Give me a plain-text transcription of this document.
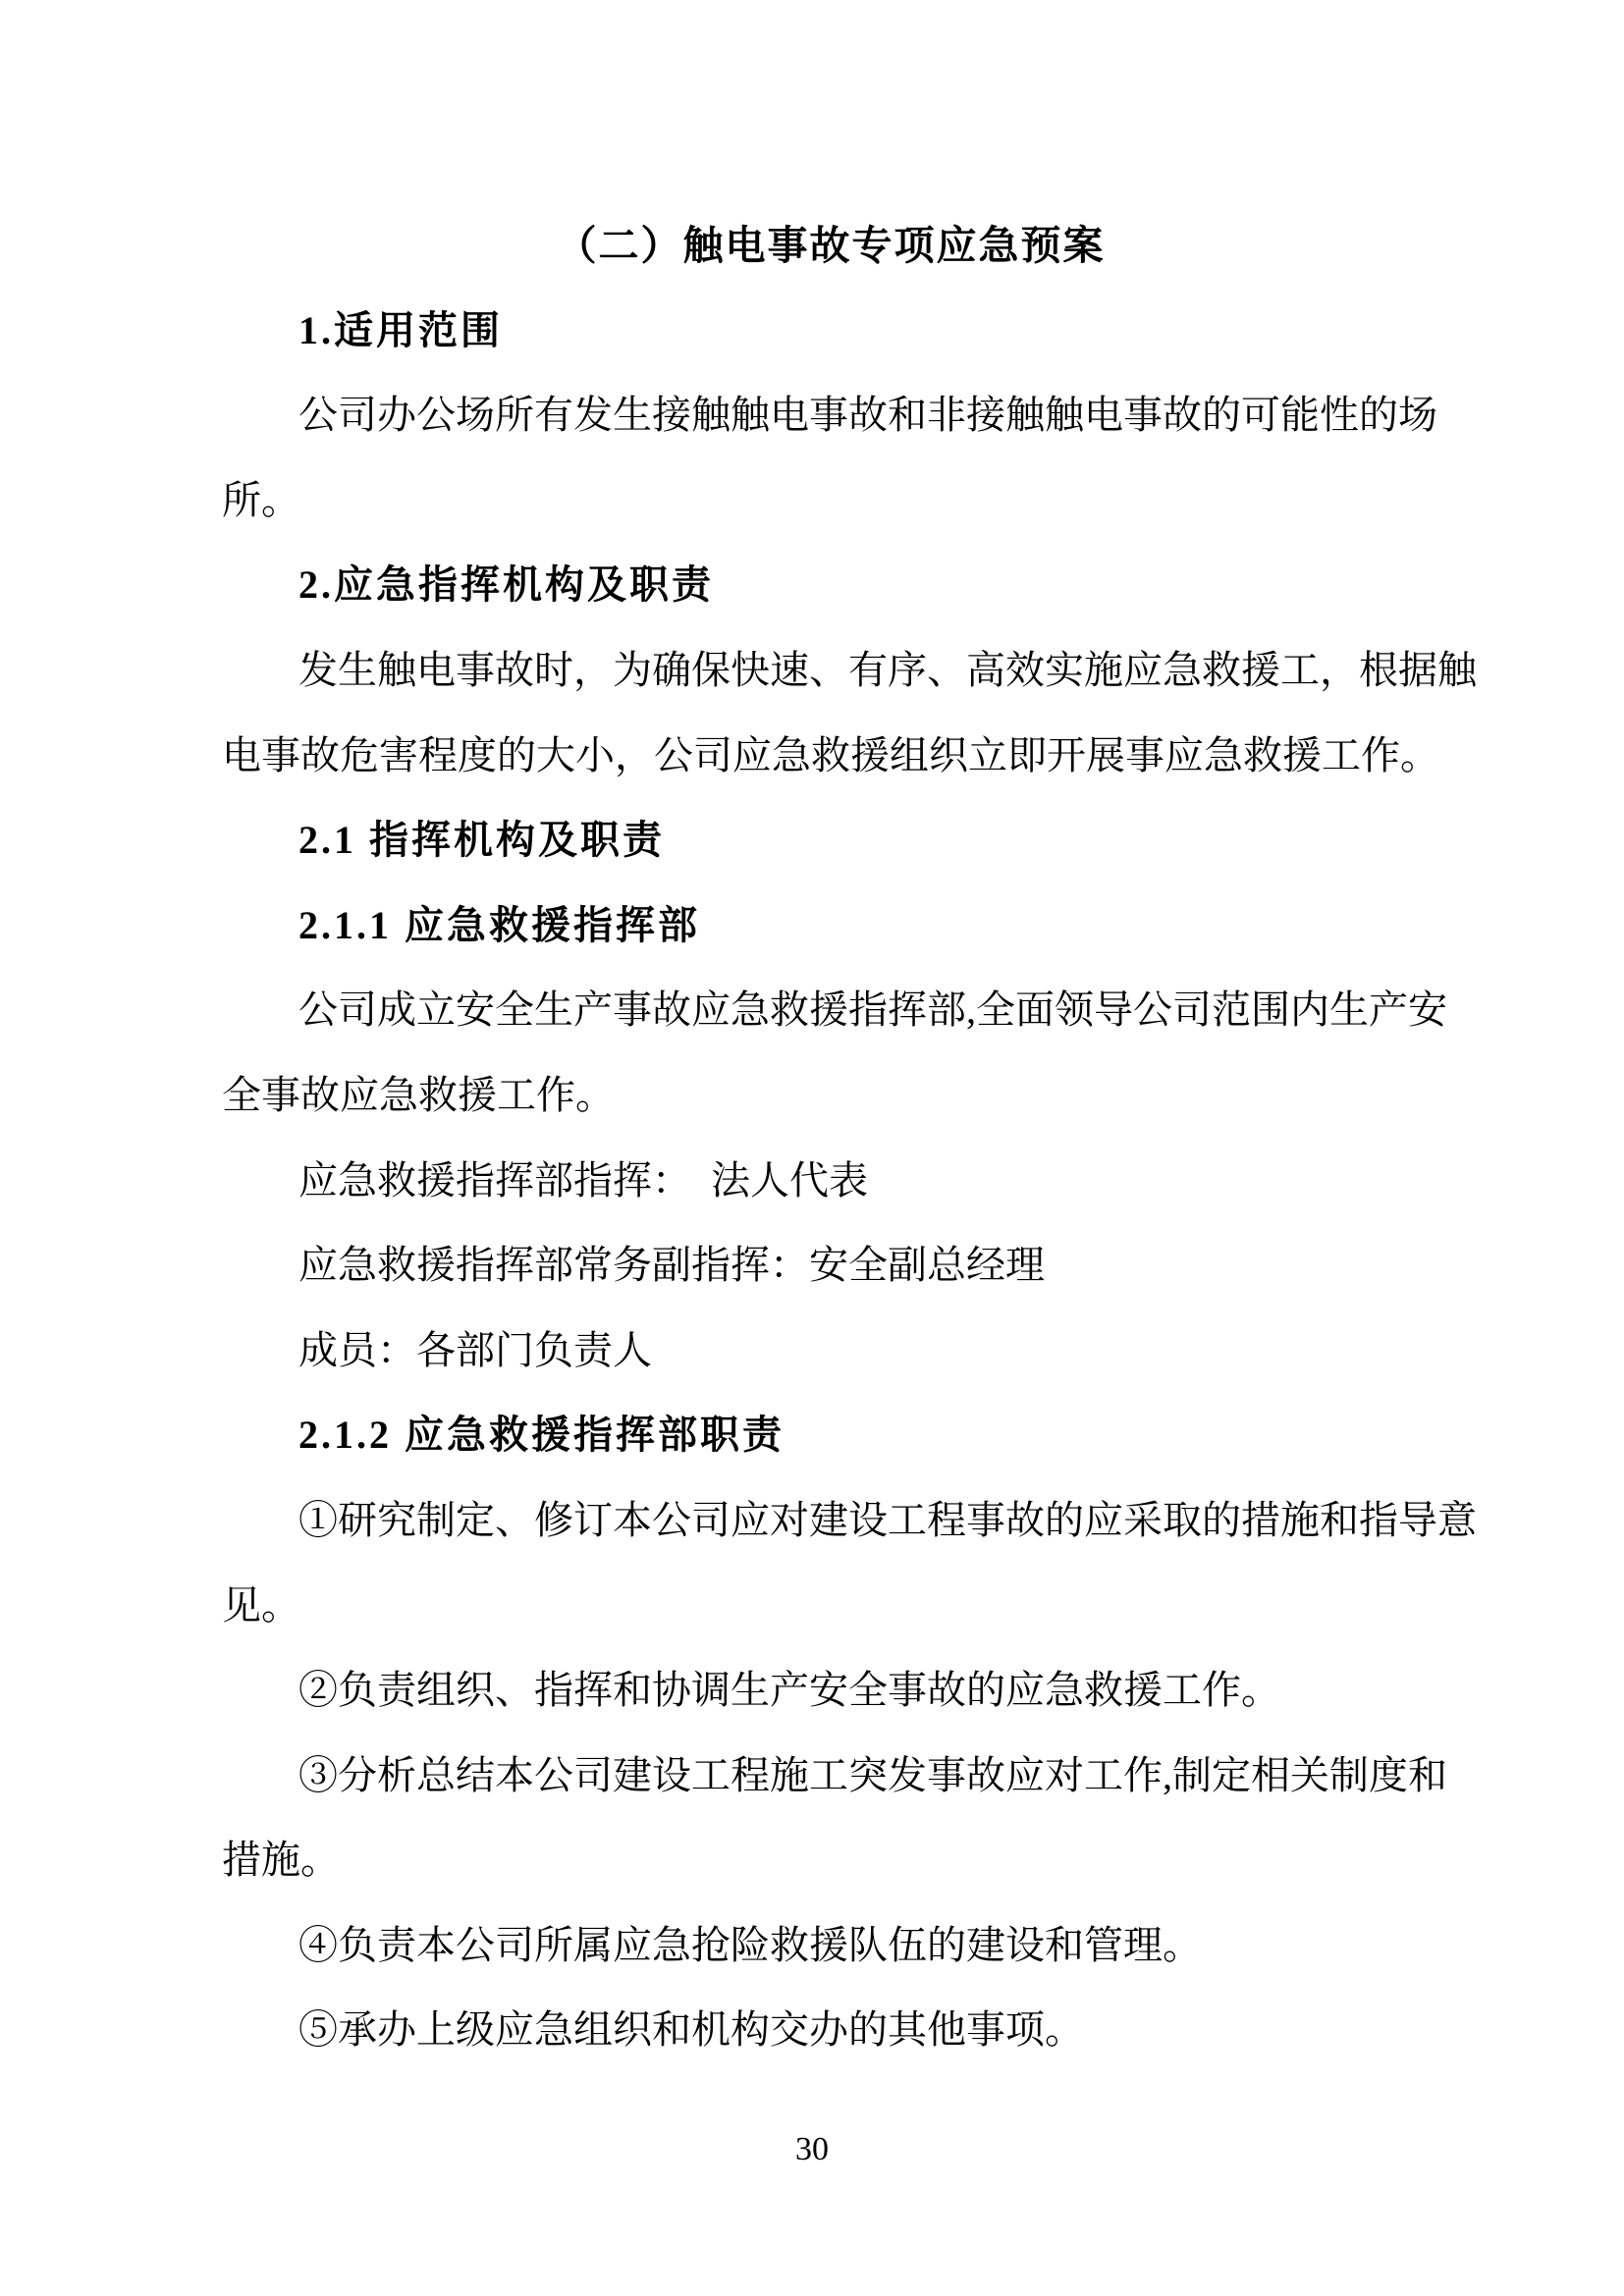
（二）触电事故专项应急预案
1.适用范围
公司办公场所有发生接触触电事故和非接触触电事故的可能性的场
所。
2.应急指挥机构及职责
发生触电事故时，为确保快速、有序、高效实施应急救援工，根据触
电事故危害程度的大小，公司应急救援组织立即开展事应急救援工作。
2.1 指挥机构及职责
2.1.1 应急救援指挥部
公司成立安全生产事故应急救援指挥部,全面领导公司范围内生产安
全事故应急救援工作。
应急救援指挥部指挥：　法人代表
应急救援指挥部常务副指挥：安全副总经理
成员：各部门负责人
2.1.2 应急救援指挥部职责
①研究制定、修订本公司应对建设工程事故的应采取的措施和指导意
见。
②负责组织、指挥和协调生产安全事故的应急救援工作。
③分析总结本公司建设工程施工突发事故应对工作,制定相关制度和
措施。
④负责本公司所属应急抢险救援队伍的建设和管理。
⑤承办上级应急组织和机构交办的其他事项。
30
